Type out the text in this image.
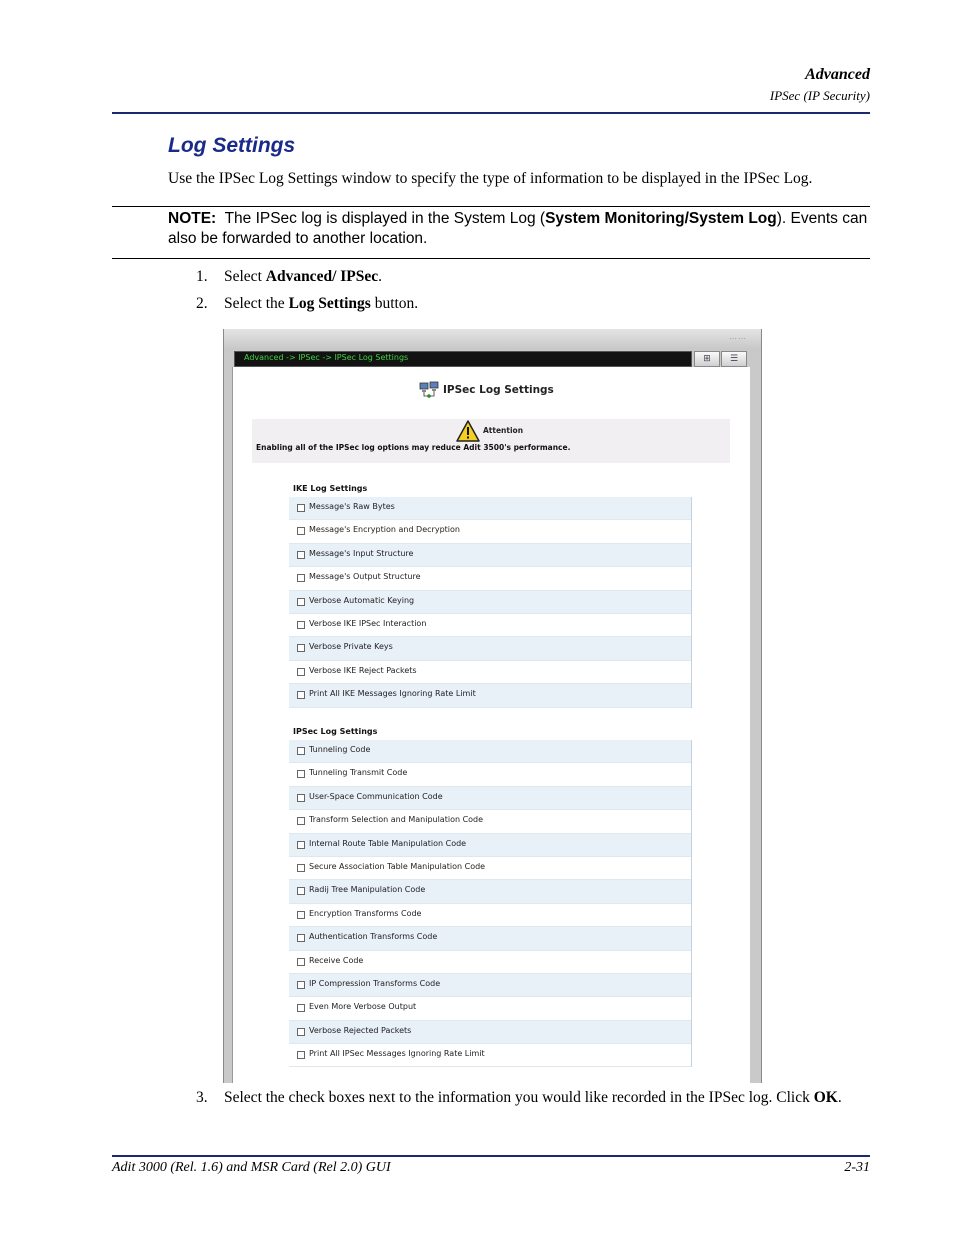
Advanced
IPSec (IP Security)
Log Settings
Use the IPSec Log Settings window to specify the type of information to be displayed in the IPSec Log.
NOTE: The IPSec log is displayed in the System Log (System Monitoring/System Log). Events can also be forwarded to another location.
1. Select Advanced/ IPSec.
2. Select the Log Settings button.
⋯⋯
Advanced -> IPSec -> IPSec Log Settings	⊞	☰
IPSec Log Settings
Attention
Enabling all of the IPSec log options may reduce Adit 3500's performance.
IKE Log Settings
Message's Raw Bytes
Message's Encryption and Decryption
Message's Input Structure
Message's Output Structure
Verbose Automatic Keying
Verbose IKE IPSec Interaction
Verbose Private Keys
Verbose IKE Reject Packets
Print All IKE Messages Ignoring Rate Limit
IPSec Log Settings
Tunneling Code
Tunneling Transmit Code
User-Space Communication Code
Transform Selection and Manipulation Code
Internal Route Table Manipulation Code
Secure Association Table Manipulation Code
Radij Tree Manipulation Code
Encryption Transforms Code
Authentication Transforms Code
Receive Code
IP Compression Transforms Code
Even More Verbose Output
Verbose Rejected Packets
Print All IPSec Messages Ignoring Rate Limit
3. Select the check boxes next to the information you would like recorded in the IPSec log. Click OK.
Adit 3000 (Rel. 1.6) and MSR Card (Rel 2.0) GUI	2-31
